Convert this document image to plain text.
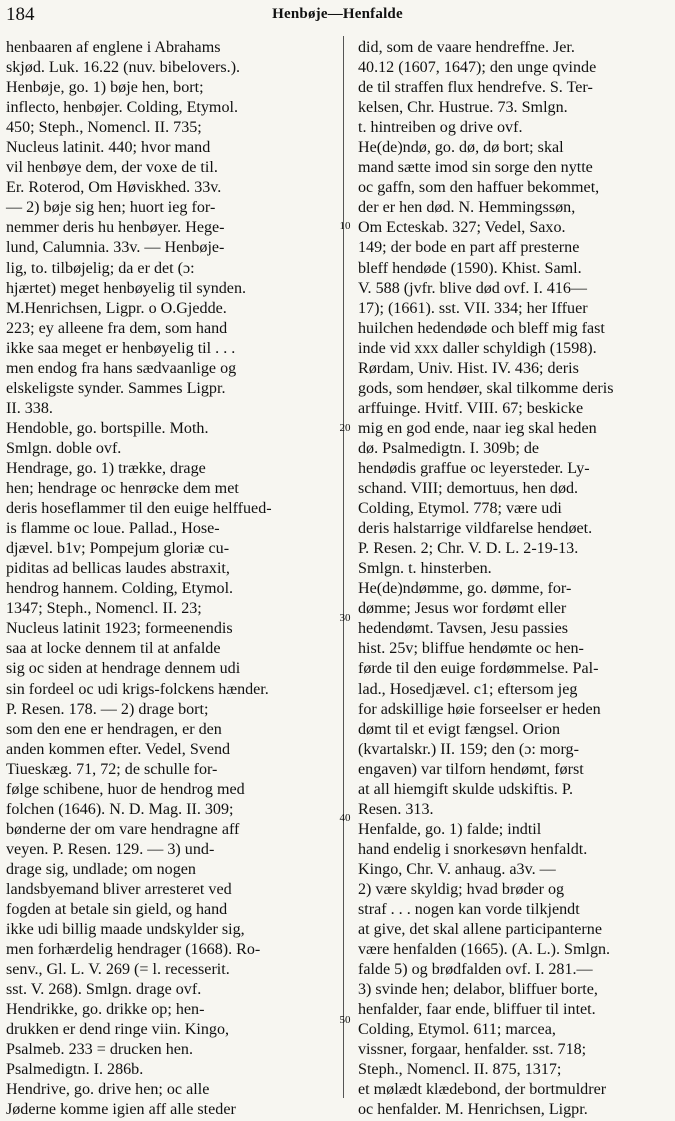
184	Henbøje—Henfalde
10
20
30
40
50
henbaaren af englene i Abrahams
skjød. Luk. 16.22 (nuv. bibelovers.).
Henbøje, go. 1) bøje hen, bort;
inflecto, henbøjer. Colding, Etymol.
450; Steph., Nomencl. II. 735;
Nucleus latinit. 440; hvor mand
vil henbøye dem, der voxe de til.
Er. Roterod, Om Høviskhed. 33v.
— 2) bøje sig hen; huort ieg for-
nemmer deris hu henbøyer. Hege-
lund, Calumnia. 33v. — Henbøje-
lig, to. tilbøjelig; da er det (ɔ:
hjærtet) meget henbøyelig til synden.
M.Henrichsen, Ligpr. o O.Gjedde.
223; ey alleene fra dem, som hand
ikke saa meget er henbøyelig til . . .
men endog fra hans sædvaanlige og
elskeligste synder. Sammes Ligpr.
II. 338.
Hendoble, go. bortspille. Moth.
Smlgn. doble ovf.
Hendrage, go. 1) trække, drage
hen; hendrage oc henrøcke dem met
deris hoseflammer til den euige helffued-
is flamme oc loue. Pallad., Hose-
djævel. b1v; Pompejum gloriæ cu-
piditas ad bellicas laudes abstraxit,
hendrog hannem. Colding, Etymol.
1347; Steph., Nomencl. II. 23;
Nucleus latinit 1923; formeenendis
saa at locke dennem til at anfalde
sig oc siden at hendrage dennem udi
sin fordeel oc udi krigs-folckens hænder.
P. Resen. 178. — 2) drage bort;
som den ene er hendragen, er den
anden kommen efter. Vedel, Svend
Tiueskæg. 71, 72; de schulle for-
følge schibene, huor de hendrog med
folchen (1646). N. D. Mag. II. 309;
bønderne der om vare hendragne aff
veyen. P. Resen. 129. — 3) und-
drage sig, undlade; om nogen
landsbyemand bliver arresteret ved
fogden at betale sin gield, og hand
ikke udi billig maade undskylder sig,
men forhærdelig hendrager (1668). Ro-
senv., Gl. L. V. 269 (= l. recesserit.
sst. V. 268). Smlgn. drage ovf.
Hendrikke, go. drikke op; hen-
drukken er dend ringe viin. Kingo,
Psalmeb. 233 = drucken hen.
Psalmedigtn. I. 286b.
Hendrive, go. drive hen; oc alle
Jøderne komme igien aff alle steder
did, som de vaare hendreffne. Jer.
40.12 (1607, 1647); den unge qvinde
de til straffen flux hendrefve. S. Ter-
kelsen, Chr. Hustrue. 73. Smlgn.
t. hintreiben og drive ovf.
He(de)ndø, go. dø, dø bort; skal
mand sætte imod sin sorge den nytte
oc gaffn, som den haffuer bekommet,
der er hen død. N. Hemmingssøn,
Om Ecteskab. 327; Vedel, Saxo.
149; der bode en part aff presterne
bleff hendøde (1590). Khist. Saml.
V. 588 (jvfr. blive død ovf. I. 416—
17); (1661). sst. VII. 334; her Iffuer
huilchen hedendøde och bleff mig fast
inde vid xxx daller schyldigh (1598).
Rørdam, Univ. Hist. IV. 436; deris
gods, som hendøer, skal tilkomme deris
arffuinge. Hvitf. VIII. 67; beskicke
mig en god ende, naar ieg skal heden
dø. Psalmedigtn. I. 309b; de
hendødis graffue oc leyersteder. Ly-
schand. VIII; demortuus, hen død.
Colding, Etymol. 778; være udi
deris halstarrige vildfarelse hendøet.
P. Resen. 2; Chr. V. D. L. 2-19-13.
Smlgn. t. hinsterben.
He(de)ndømme, go. dømme, for-
dømme; Jesus wor fordømt eller
hedendømt. Tavsen, Jesu passies
hist. 25v; bliffue hendømte oc hen-
førde til den euige fordømmelse. Pal-
lad., Hosedjævel. c1; eftersom jeg
for adskillige høie forseelser er heden
dømt til et evigt fængsel. Orion
(kvartalskr.) II. 159; den (ɔ: morg-
engaven) var tilforn hendømt, først
at all hiemgift skulde udskiftis. P.
Resen. 313.
Henfalde, go. 1) falde; indtil
hand endelig i snorkesøvn henfaldt.
Kingo, Chr. V. anhaug. a3v. —
2) være skyldig; hvad brøder og
straf . . . nogen kan vorde tilkjendt
at give, det skal allene participanterne
være henfalden (1665). (A. L.). Smlgn.
falde 5) og brødfalden ovf. I. 281.—
3) svinde hen; delabor, bliffuer borte,
henfalder, faar ende, bliffuer til intet.
Colding, Etymol. 611; marcea,
vissner, forgaar, henfalder. sst. 718;
Steph., Nomencl. II. 875, 1317;
et mølædt klædebond, der bortmuldrer
oc henfalder. M. Henrichsen, Ligpr.
